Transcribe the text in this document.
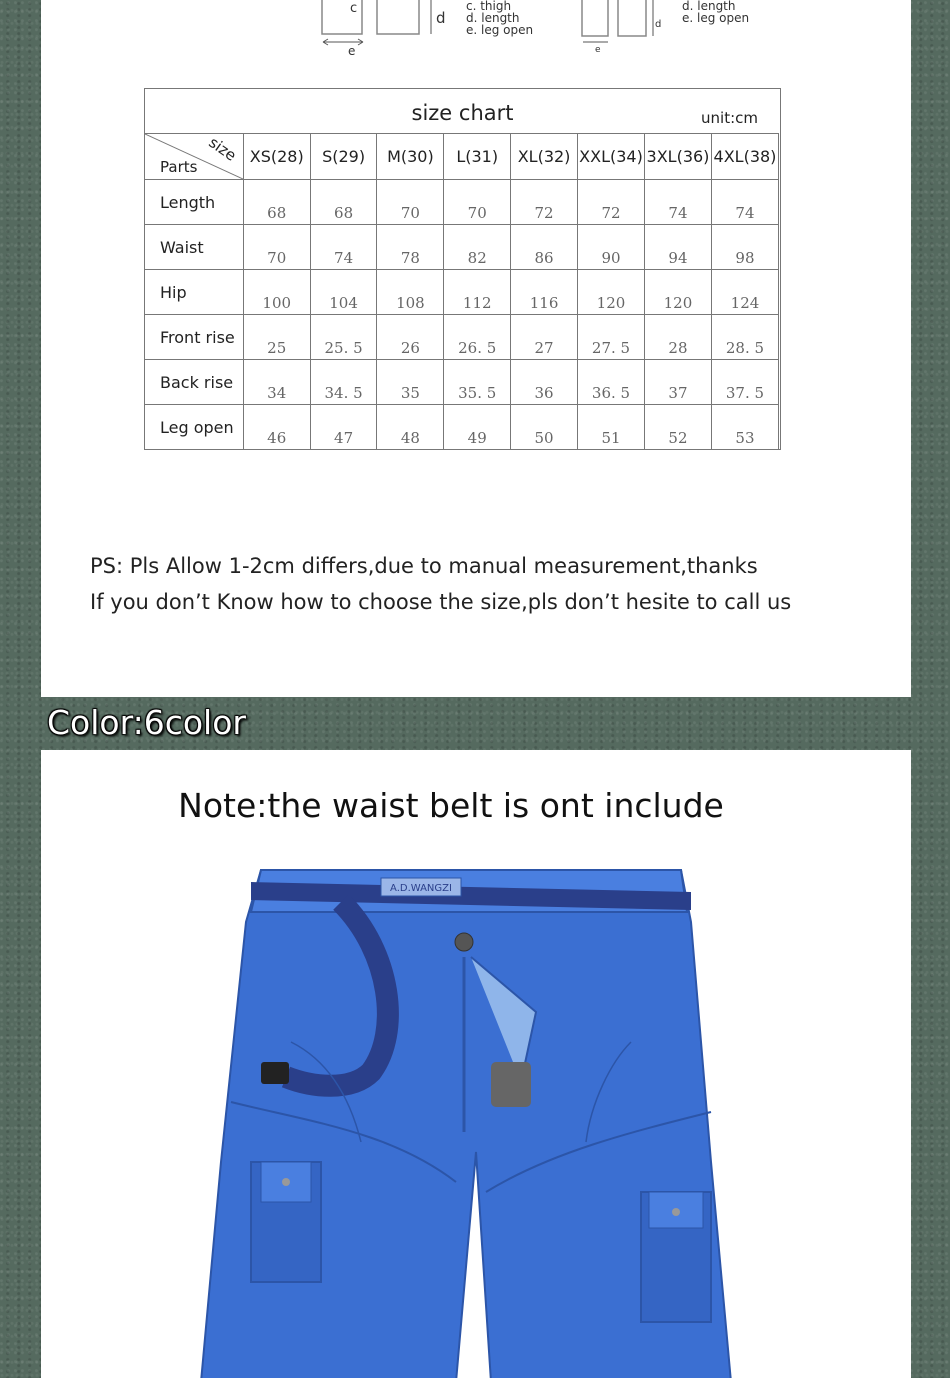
c
d
e
c. thigh
d. length
e. leg open	d
e
d. length
e. leg open
size chart	unit:cm
size
Parts	XS(28)	S(29)	M(30)	L(31)	XL(32)	XXL(34)	3XL(36)	4XL(38)
Length	68	68	70	70	72	72	74	74
Waist	70	74	78	82	86	90	94	98
Hip	100	104	108	112	116	120	120	124
Front rise	25	25. 5	26	26. 5	27	27. 5	28	28. 5
Back rise	34	34. 5	35	35. 5	36	36. 5	37	37. 5
Leg open	46	47	48	49	50	51	52	53
PS: Pls Allow 1-2cm differs,due to manual measurement,thanks
If you don’t Know how to choose the size,pls don’t hesite to call us
Color:6color
Note:the waist belt is ont include
A.D.WANGZI
